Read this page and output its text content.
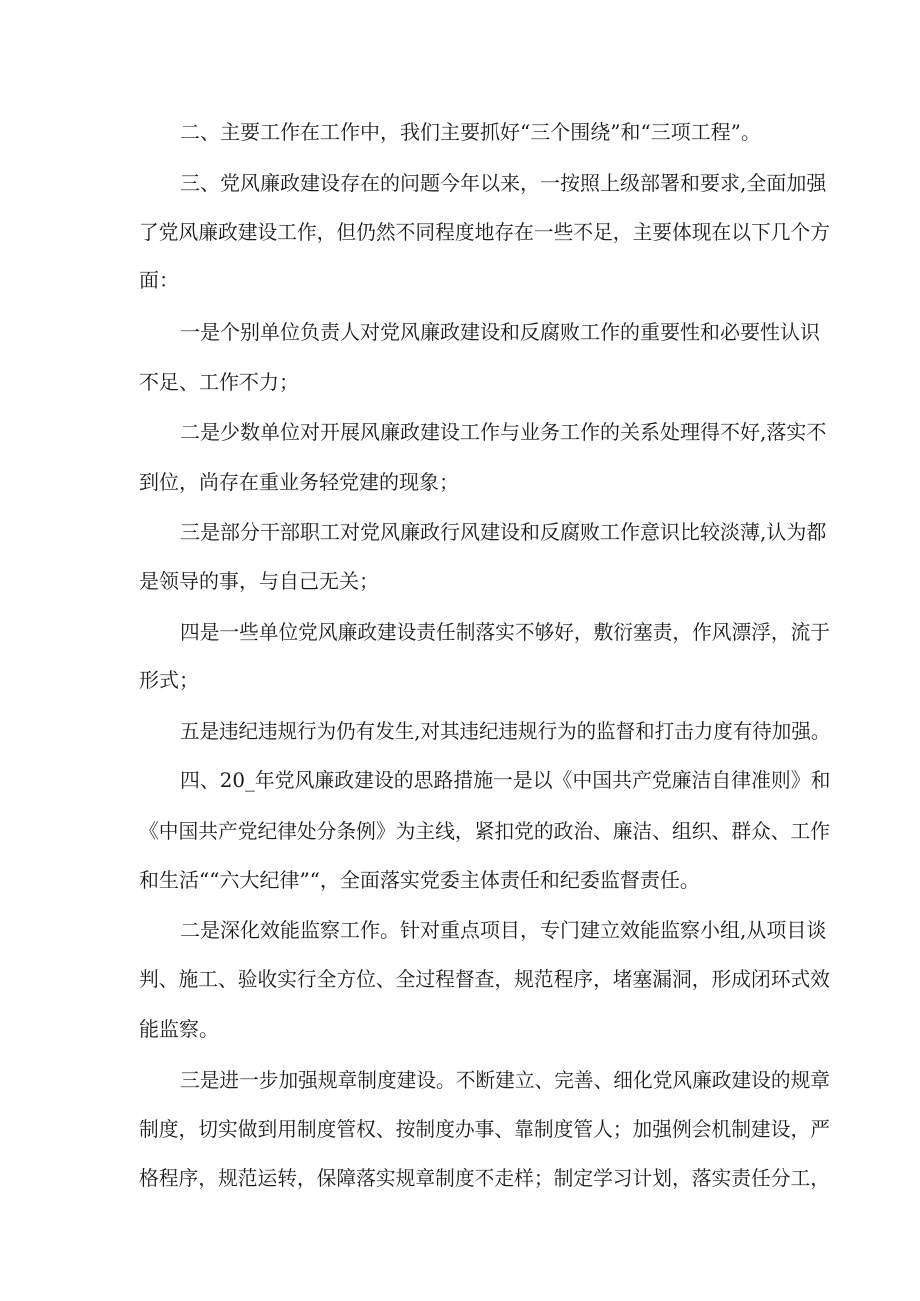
二、主要工作在工作中，我们主要抓好“三个围绕”和“三项工程”。
三、党风廉政建设存在的问题今年以来，一按照上级部署和要求,全面加强
了党风廉政建设工作，但仍然不同程度地存在一些不足，主要体现在以下几个方
面：
一是个别单位负责人对党风廉政建设和反腐败工作的重要性和必要性认识
不足、工作不力；
二是少数单位对开展风廉政建设工作与业务工作的关系处理得不好,落实不
到位，尚存在重业务轻党建的现象；
三是部分干部职工对党风廉政行风建设和反腐败工作意识比较淡薄,认为都
是领导的事，与自己无关；
四是一些单位党风廉政建设责任制落实不够好，敷衍塞责，作风漂浮，流于
形式；
五是违纪违规行为仍有发生,对其违纪违规行为的监督和打击力度有待加强。
四、20_年党风廉政建设的思路措施一是以《中国共产党廉洁自律准则》和
《中国共产党纪律处分条例》为主线，紧扣党的政治、廉洁、组织、群众、工作
和生活““六大纪律”“，全面落实党委主体责任和纪委监督责任。
二是深化效能监察工作。针对重点项目，专门建立效能监察小组,从项目谈
判、施工、验收实行全方位、全过程督查，规范程序，堵塞漏洞，形成闭环式效
能监察。
三是进一步加强规章制度建设。不断建立、完善、细化党风廉政建设的规章
制度，切实做到用制度管权、按制度办事、靠制度管人；加强例会机制建设，严
格程序，规范运转，保障落实规章制度不走样；制定学习计划，落实责任分工，
